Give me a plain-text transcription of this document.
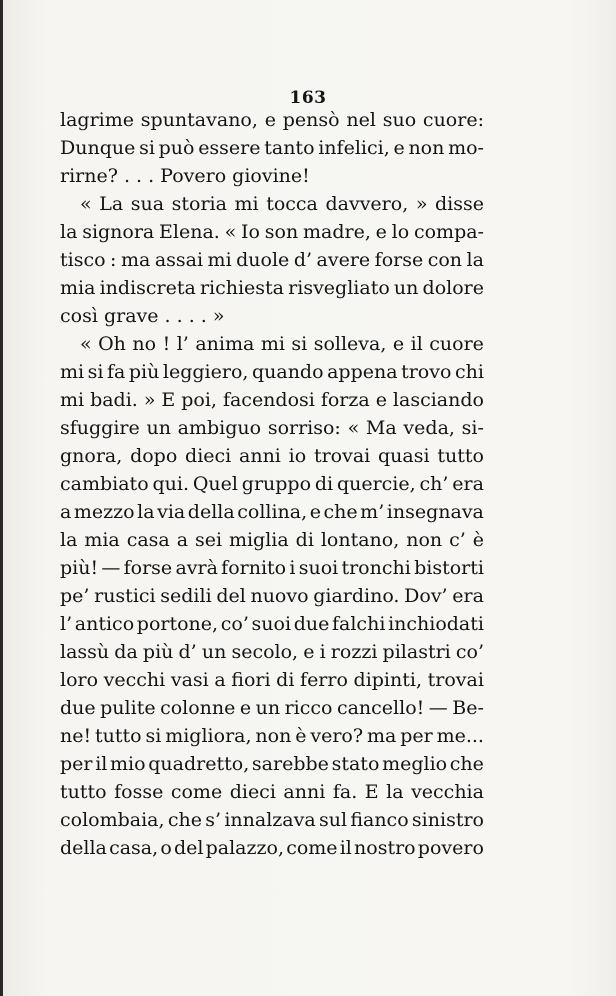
163
lagrime spuntavano, e pensò nel suo cuore:
Dunque si può essere tanto infelici, e non mo-
rirne? . . . Povero giovine!
« La sua storia mi tocca davvero, » disse
la signora Elena. « Io son madre, e lo compa-
tisco : ma assai mi duole d’ avere forse con la
mia indiscreta richiesta risvegliato un dolore
così grave . . . . »
« Oh no ! l’ anima mi si solleva, e il cuore
mi si fa più leggiero, quando appena trovo chi
mi badi. » E poi, facendosi forza e lasciando
sfuggire un ambiguo sorriso: « Ma veda, si-
gnora, dopo dieci anni io trovai quasi tutto
cambiato qui. Quel gruppo di quercie, ch’ era
a mezzo la via della collina, e che m’ insegnava
la mia casa a sei miglia di lontano, non c’ è
più! — forse avrà fornito i suoi tronchi bistorti
pe’ rustici sedili del nuovo giardino. Dov’ era
l’ antico portone, co’ suoi due falchi inchiodati
lassù da più d’ un secolo, e i rozzi pilastri co’
loro vecchi vasi a fiori di ferro dipinti, trovai
due pulite colonne e un ricco cancello! — Be-
ne! tutto si migliora, non è vero? ma per me...
per il mio quadretto, sarebbe stato meglio che
tutto fosse come dieci anni fa. E la vecchia
colombaia, che s’ innalzava sul fianco sinistro
della casa, o del palazzo, come il nostro povero
